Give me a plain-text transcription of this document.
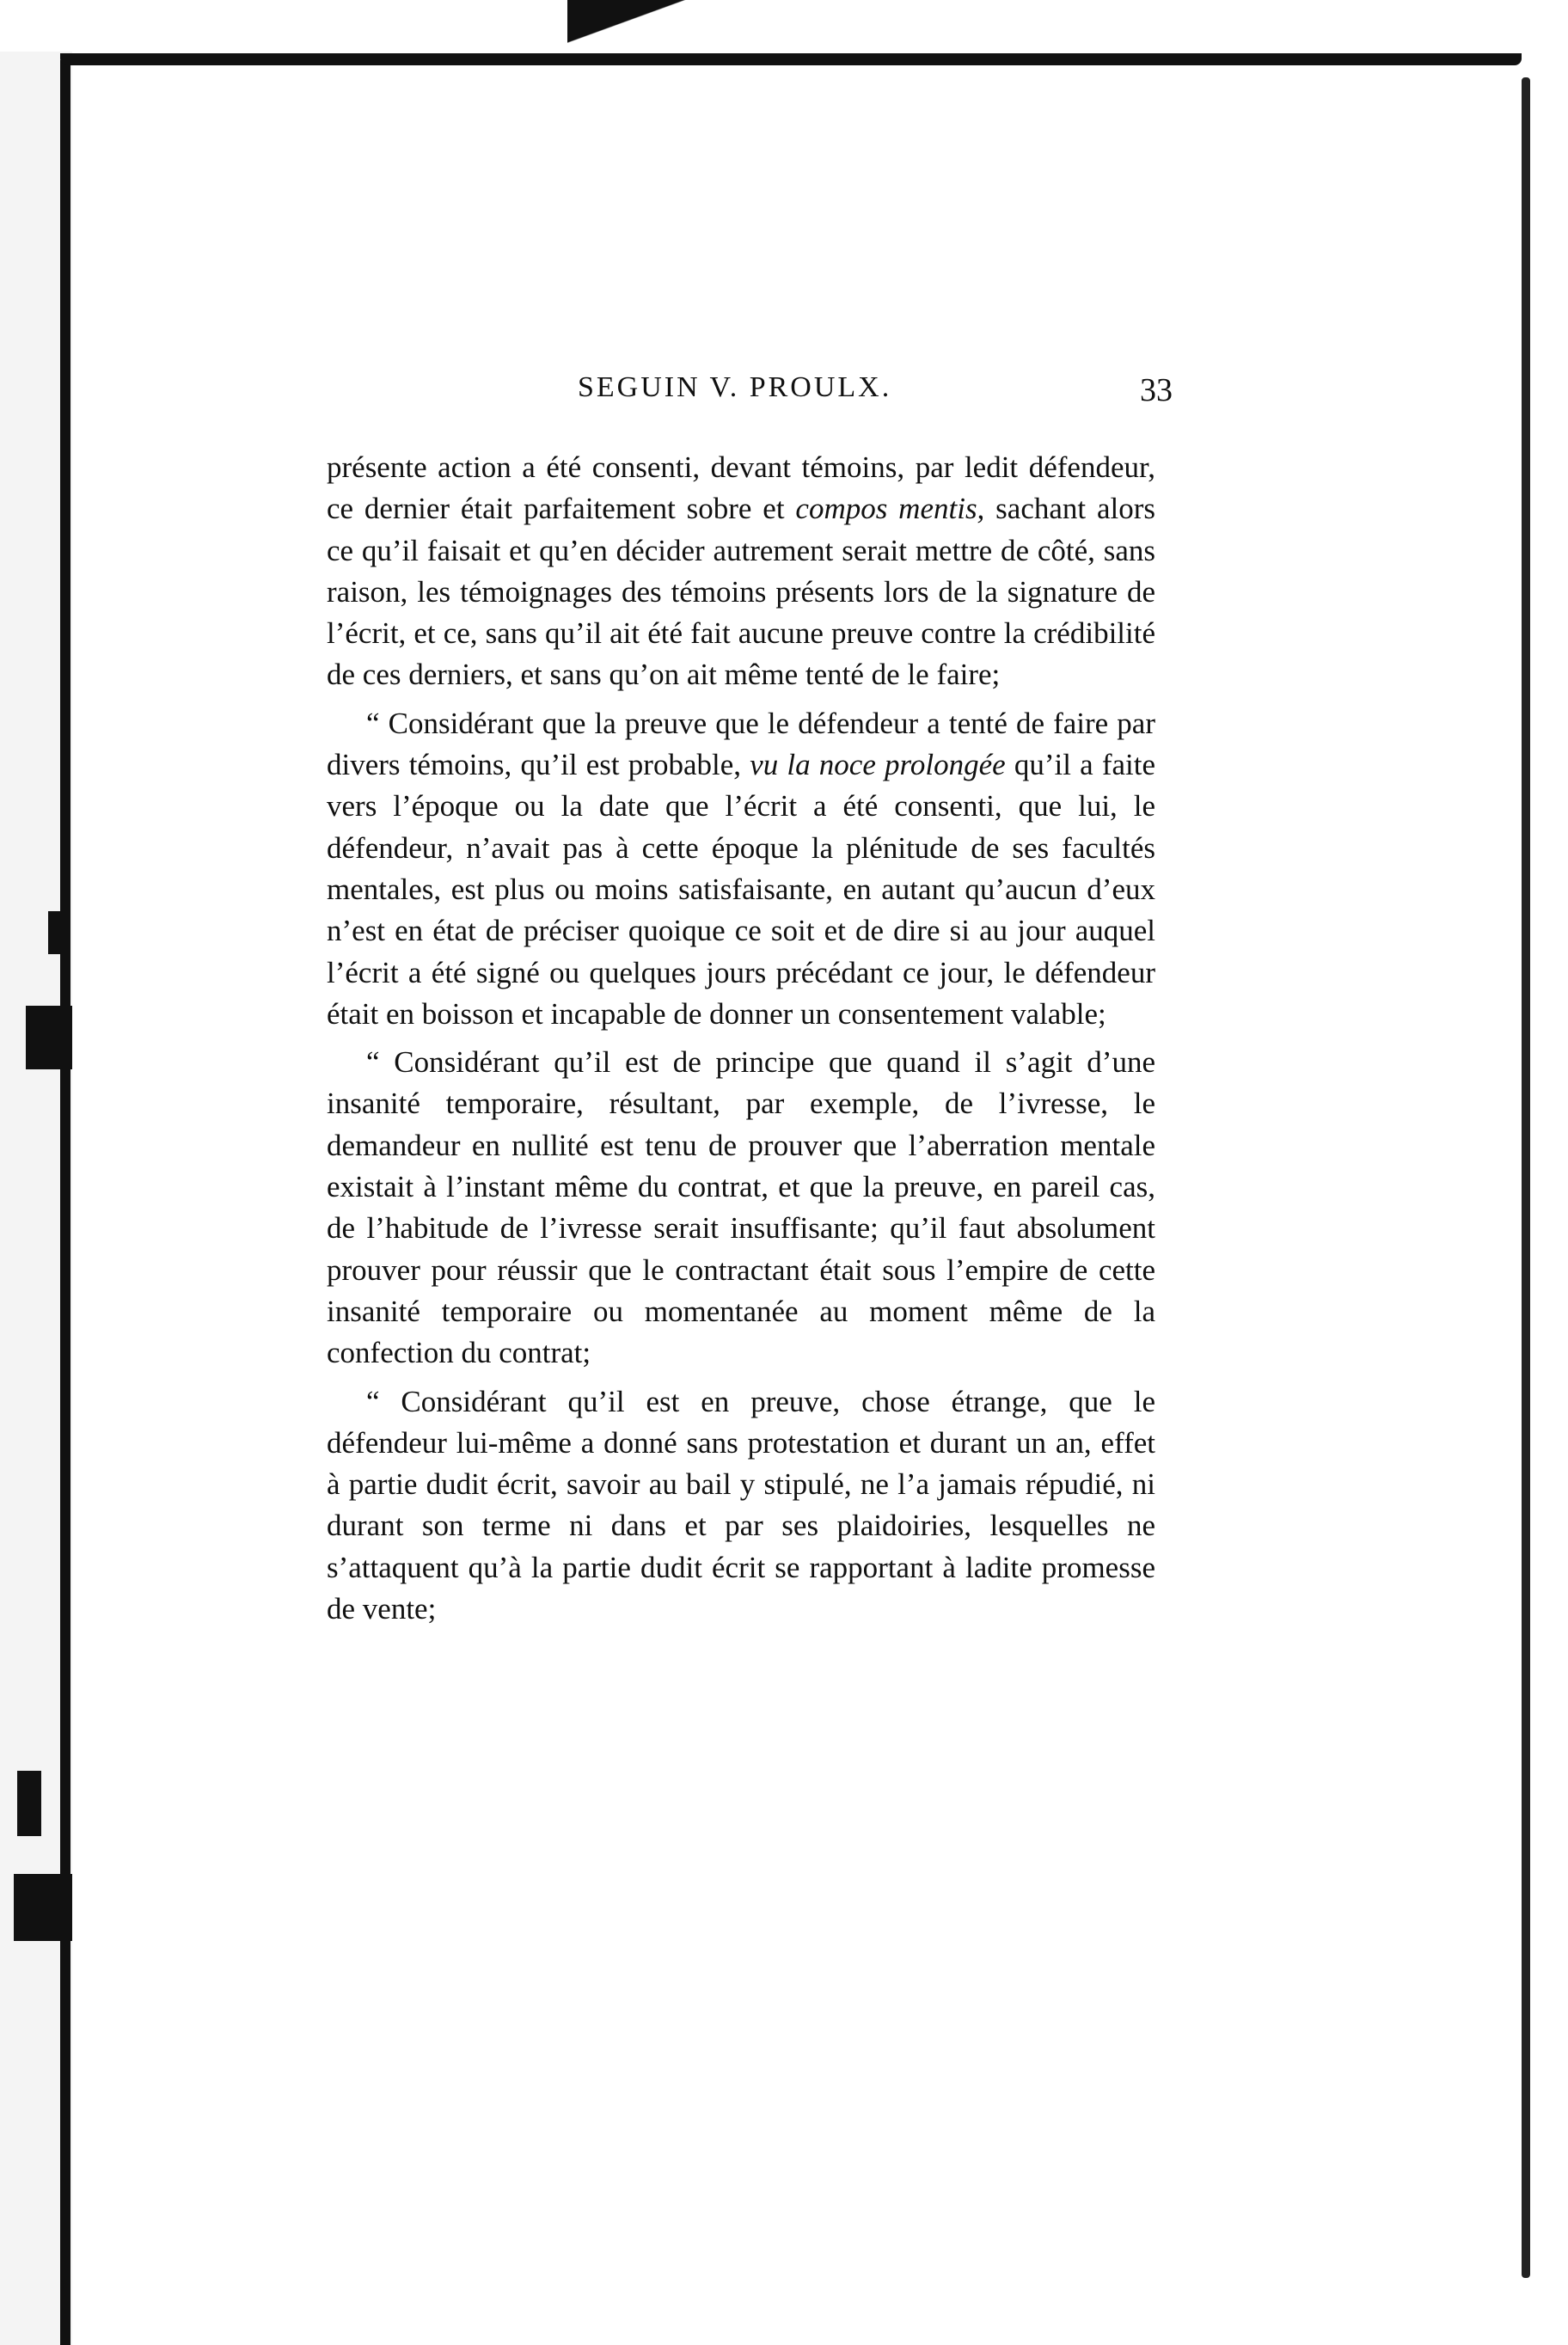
SEGUIN V. PROULX.	33

présente action a été consenti, devant témoins, par ledit défendeur, ce dernier était parfaitement sobre et compos mentis, sachant alors ce qu’il faisait et qu’en décider autrement serait mettre de côté, sans raison, les témoignages des témoins présents lors de la signature de l’écrit, et ce, sans qu’il ait été fait aucune preuve contre la crédibilité de ces derniers, et sans qu’on ait même tenté de le faire;

“ Considérant que la preuve que le défendeur a tenté de faire par divers témoins, qu’il est probable, vu la noce prolongée qu’il a faite vers l’époque ou la date que l’écrit a été consenti, que lui, le défendeur, n’avait pas à cette époque la plénitude de ses facultés mentales, est plus ou moins satisfaisante, en autant qu’aucun d’eux n’est en état de préciser quoique ce soit et de dire si au jour auquel l’écrit a été signé ou quelques jours précédant ce jour, le défendeur était en boisson et incapable de donner un consentement valable;

“ Considérant qu’il est de principe que quand il s’agit d’une insanité temporaire, résultant, par exemple, de l’ivresse, le demandeur en nullité est tenu de prouver que l’aberration mentale existait à l’instant même du contrat, et que la preuve, en pareil cas, de l’habitude de l’ivresse serait insuffisante; qu’il faut absolument prouver pour réussir que le contractant était sous l’empire de cette insanité temporaire ou momentanée au moment même de la confection du contrat;

“ Considérant qu’il est en preuve, chose étrange, que le défendeur lui-même a donné sans protestation et durant un an, effet à partie dudit écrit, savoir au bail y stipulé, ne l’a jamais répudié, ni durant son terme ni dans et par ses plaidoiries, lesquelles ne s’attaquent qu’à la partie dudit écrit se rapportant à ladite promesse de vente;
